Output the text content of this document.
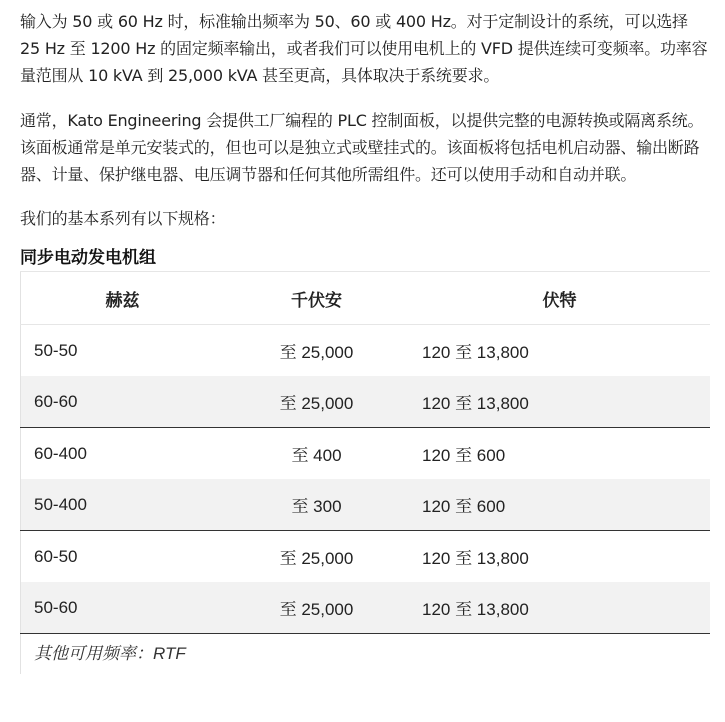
输入为 50 或 60 Hz 时，标准输出频率为 50、60 或 400 Hz。对于定制设计的系统，可以选择 25 Hz 至 1200 Hz 的固定频率输出，或者我们可以使用电机上的 VFD 提供连续可变频率。功率容量范围从 10 kVA 到 25,000 kVA 甚至更高，具体取决于系统要求。

通常，Kato Engineering 会提供工厂编程的 PLC 控制面板，以提供完整的电源转换或隔离系统。该面板通常是单元安装式的，但也可以是独立式或壁挂式的。该面板将包括电机启动器、输出断路器、计量、保护继电器、电压调节器和任何其他所需组件。还可以使用手动和自动并联。

我们的基本系列有以下规格：

同步电动发电机组
赫兹	千伏安	伏特
50-50	至 25,000	120 至 13,800
60-60	至 25,000	120 至 13,800
60-400	至 400	120 至 600
50-400	至 300	120 至 600
60-50	至 25,000	120 至 13,800
50-60	至 25,000	120 至 13,800
其他可用频率：RTF
